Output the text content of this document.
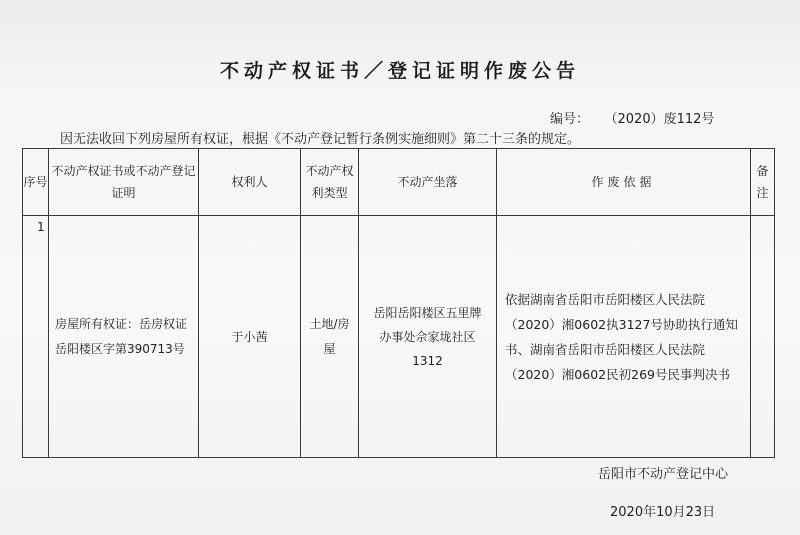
不动产权证书／登记证明作废公告
编号： （2020）废112号
因无法收回下列房屋所有权证，根据《不动产登记暂行条例实施细则》第二十三条的规定。
序号	不动产权证书或不动产登记证明	权利人	不动产权利类型	不动产坐落	作废依据	备注
1	房屋所有权证：岳房权证岳阳楼区字第390713号	于小茜	土地/房屋	岳阳岳阳楼区五里牌办事处佘家垅社区1312	依据湖南省岳阳市岳阳楼区人民法院（2020）湘0602执3127号协助执行通知书、湖南省岳阳市岳阳楼区人民法院（2020）湘0602民初269号民事判决书	
岳阳市不动产登记中心
2020年10月23日
